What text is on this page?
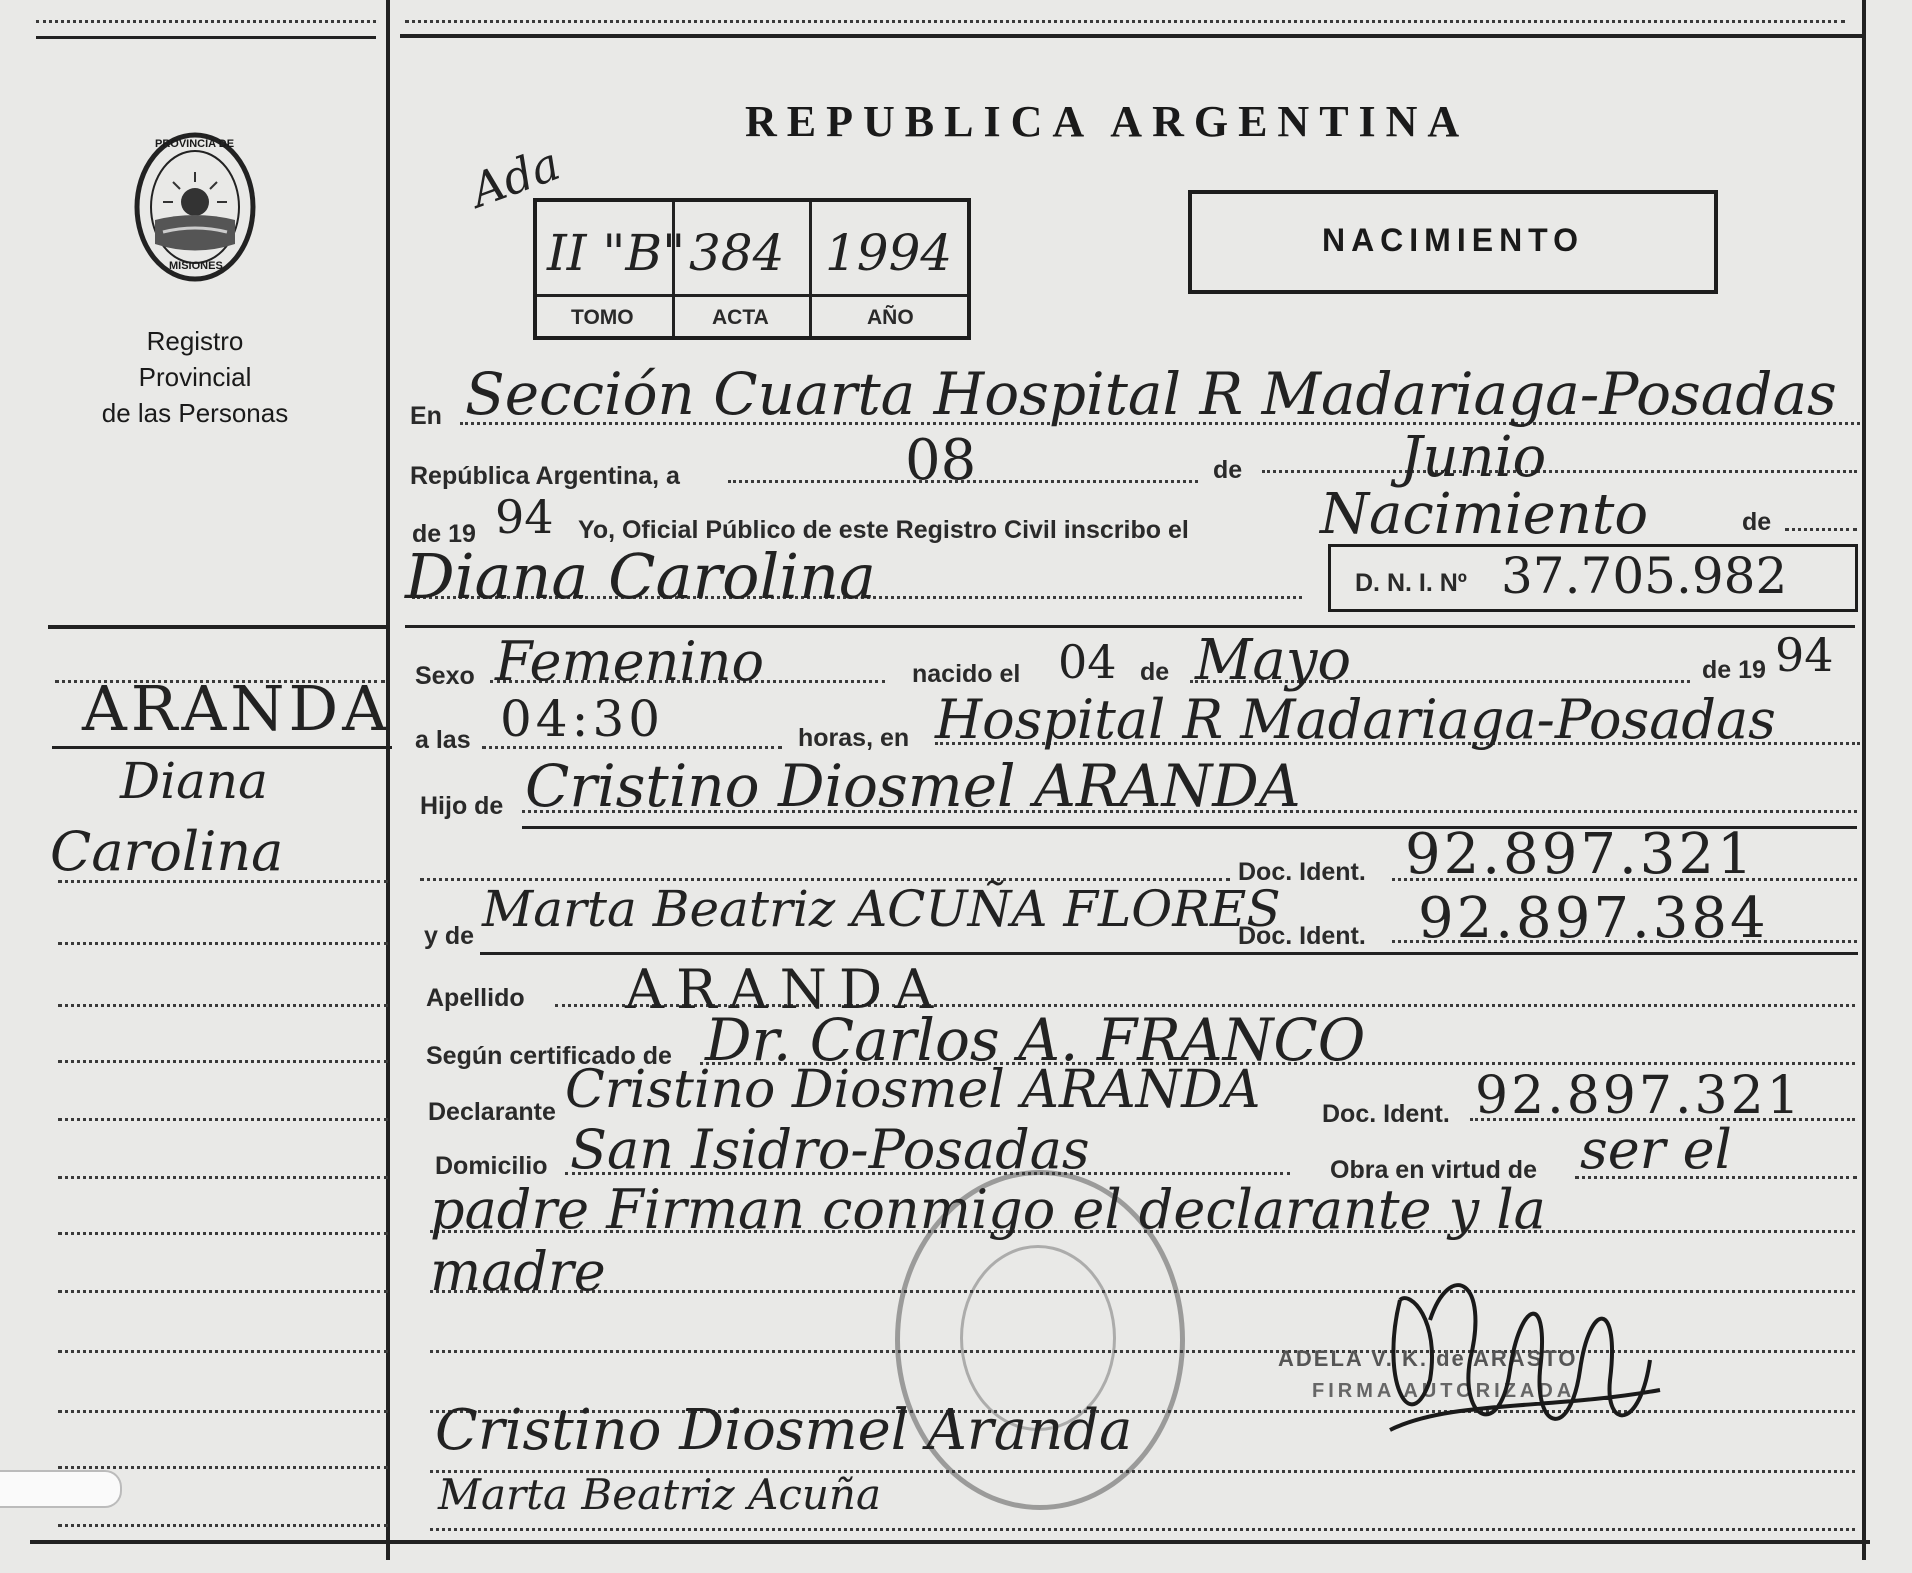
PROVINCIA DE
MISIONES
Registro Provincial
de las Personas
REPUBLICA ARGENTINA
Ada
II "B" 384 1994
TOMO	ACTA	AÑO
NACIMIENTO
ARANDA
Diana
Carolina
En Sección Cuarta Hospital R Madariaga-Posadas
República Argentina, a	08	de	Junio
de 19 94 Yo, Oficial Público de este Registro Civil inscribo el Nacimiento	de
Diana Carolina	D. N. I. Nº 37.705.982
Sexo Femenino	nacido el 04 de Mayo	de 19 94
a las 04:30	horas, en Hospital R Madariaga-Posadas
Hijo de Cristino Diosmel ARANDA
Doc. Ident. 92.897.321
y de Marta Beatriz ACUÑA FLORES
Doc. Ident. 92.897.384
Apellido ARANDA
Según certificado de Dr. Carlos A. FRANCO
Declarante Cristino Diosmel ARANDA Doc. Ident. 92.897.321
Domicilio San Isidro-Posadas	Obra en virtud de ser el
padre Firman conmigo el declarante y la
madre
ADELA V. K. de ARASTO
FIRMA AUTORIZADA
Cristino Diosmel Aranda
Marta Beatriz Acuña
